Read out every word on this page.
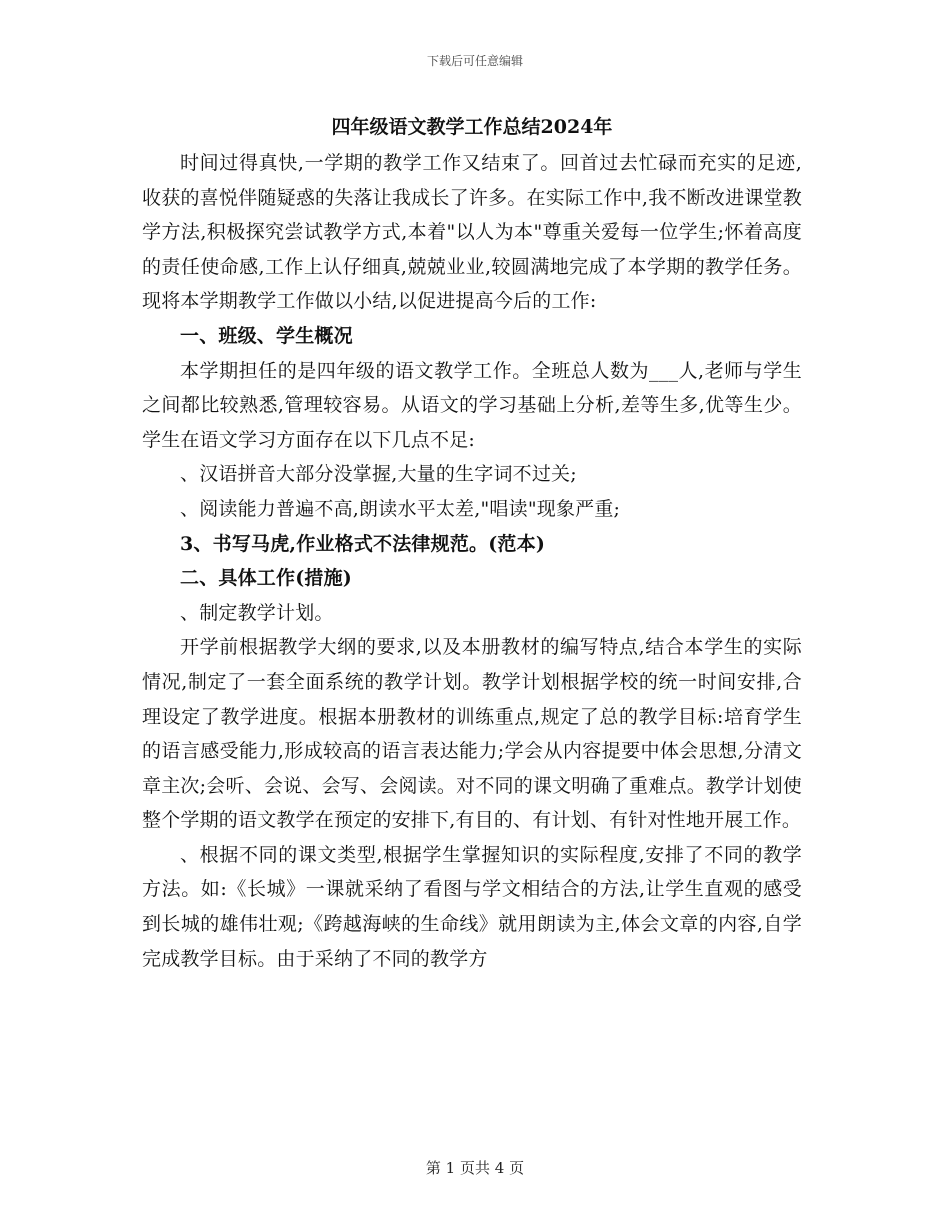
下载后可任意编辑
四年级语文教学工作总结2024年

时间过得真快,一学期的教学工作又结束了。回首过去忙碌而充实的足迹,收获的喜悦伴随疑惑的失落让我成长了许多。在实际工作中,我不断改进课堂教学方法,积极探究尝试教学方式,本着"以人为本"尊重关爱每一位学生;怀着高度的责任使命感,工作上认仔细真,兢兢业业,较圆满地完成了本学期的教学任务。现将本学期教学工作做以小结,以促进提高今后的工作:

一、班级、学生概况

本学期担任的是四年级的语文教学工作。全班总人数为___人,老师与学生之间都比较熟悉,管理较容易。从语文的学习基础上分析,差等生多,优等生少。学生在语文学习方面存在以下几点不足:

、汉语拼音大部分没掌握,大量的生字词不过关;

、阅读能力普遍不高,朗读水平太差,"唱读"现象严重;

3、书写马虎,作业格式不法律规范。(范本)

二、具体工作(措施)

、制定教学计划。

开学前根据教学大纲的要求,以及本册教材的编写特点,结合本学生的实际情况,制定了一套全面系统的教学计划。教学计划根据学校的统一时间安排,合理设定了教学进度。根据本册教材的训练重点,规定了总的教学目标:培育学生的语言感受能力,形成较高的语言表达能力;学会从内容提要中体会思想,分清文章主次;会听、会说、会写、会阅读。对不同的课文明确了重难点。教学计划使整个学期的语文教学在预定的安排下,有目的、有计划、有针对性地开展工作。

、根据不同的课文类型,根据学生掌握知识的实际程度,安排了不同的教学方法。如:《长城》一课就采纳了看图与学文相结合的方法,让学生直观的感受到长城的雄伟壮观;《跨越海峡的生命线》就用朗读为主,体会文章的内容,自学完成教学目标。由于采纳了不同的教学方

第 1 页共 4 页
